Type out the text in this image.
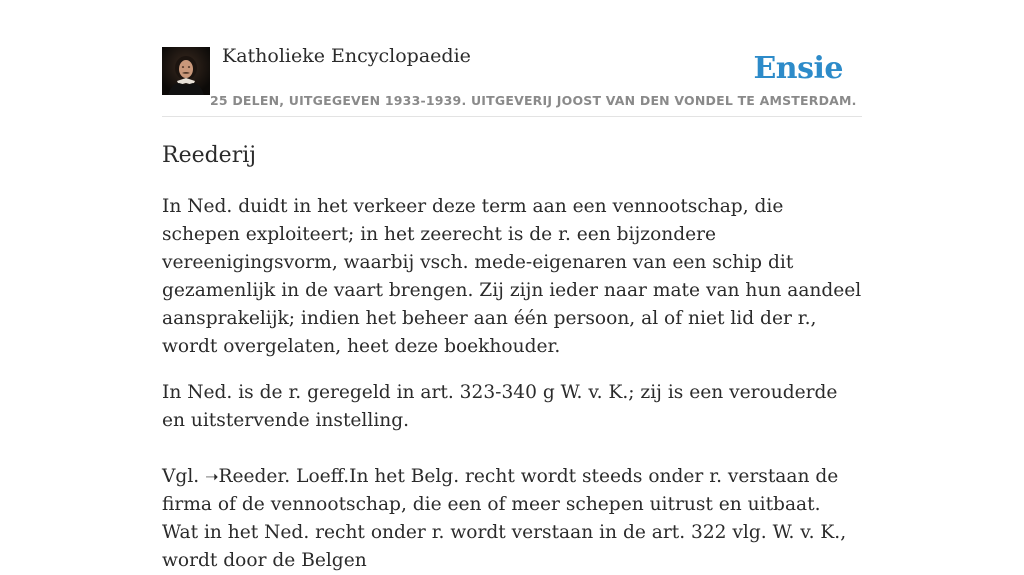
Katholieke Encyclopaedie
25 DELEN, UITGEGEVEN 1933-1939. UITGEVERIJ JOOST VAN DEN VONDEL TE AMSTERDAM.
Ensie
Reederij

In Ned. duidt in het verkeer deze term aan een vennootschap, die schepen exploiteert; in het zeerecht is de r. een bijzondere vereenigingsvorm, waarbij vsch. mede-eigenaren van een schip dit gezamenlijk in de vaart brengen. Zij zijn ieder naar mate van hun aandeel aansprakelijk; indien het beheer aan één persoon, al of niet lid der r., wordt overgelaten, heet deze boekhouder.

In Ned. is de r. geregeld in art. 323-340 g W. v. K.; zij is een verouderde en uitstervende instelling.

Vgl. ➝Reeder. Loeff.In het Belg. recht wordt steeds onder r. verstaan de firma of de vennootschap, die een of meer schepen uitrust en uitbaat. Wat in het Ned. recht onder r. wordt verstaan in de art. 322 vlg. W. v. K., wordt door de Belgen
